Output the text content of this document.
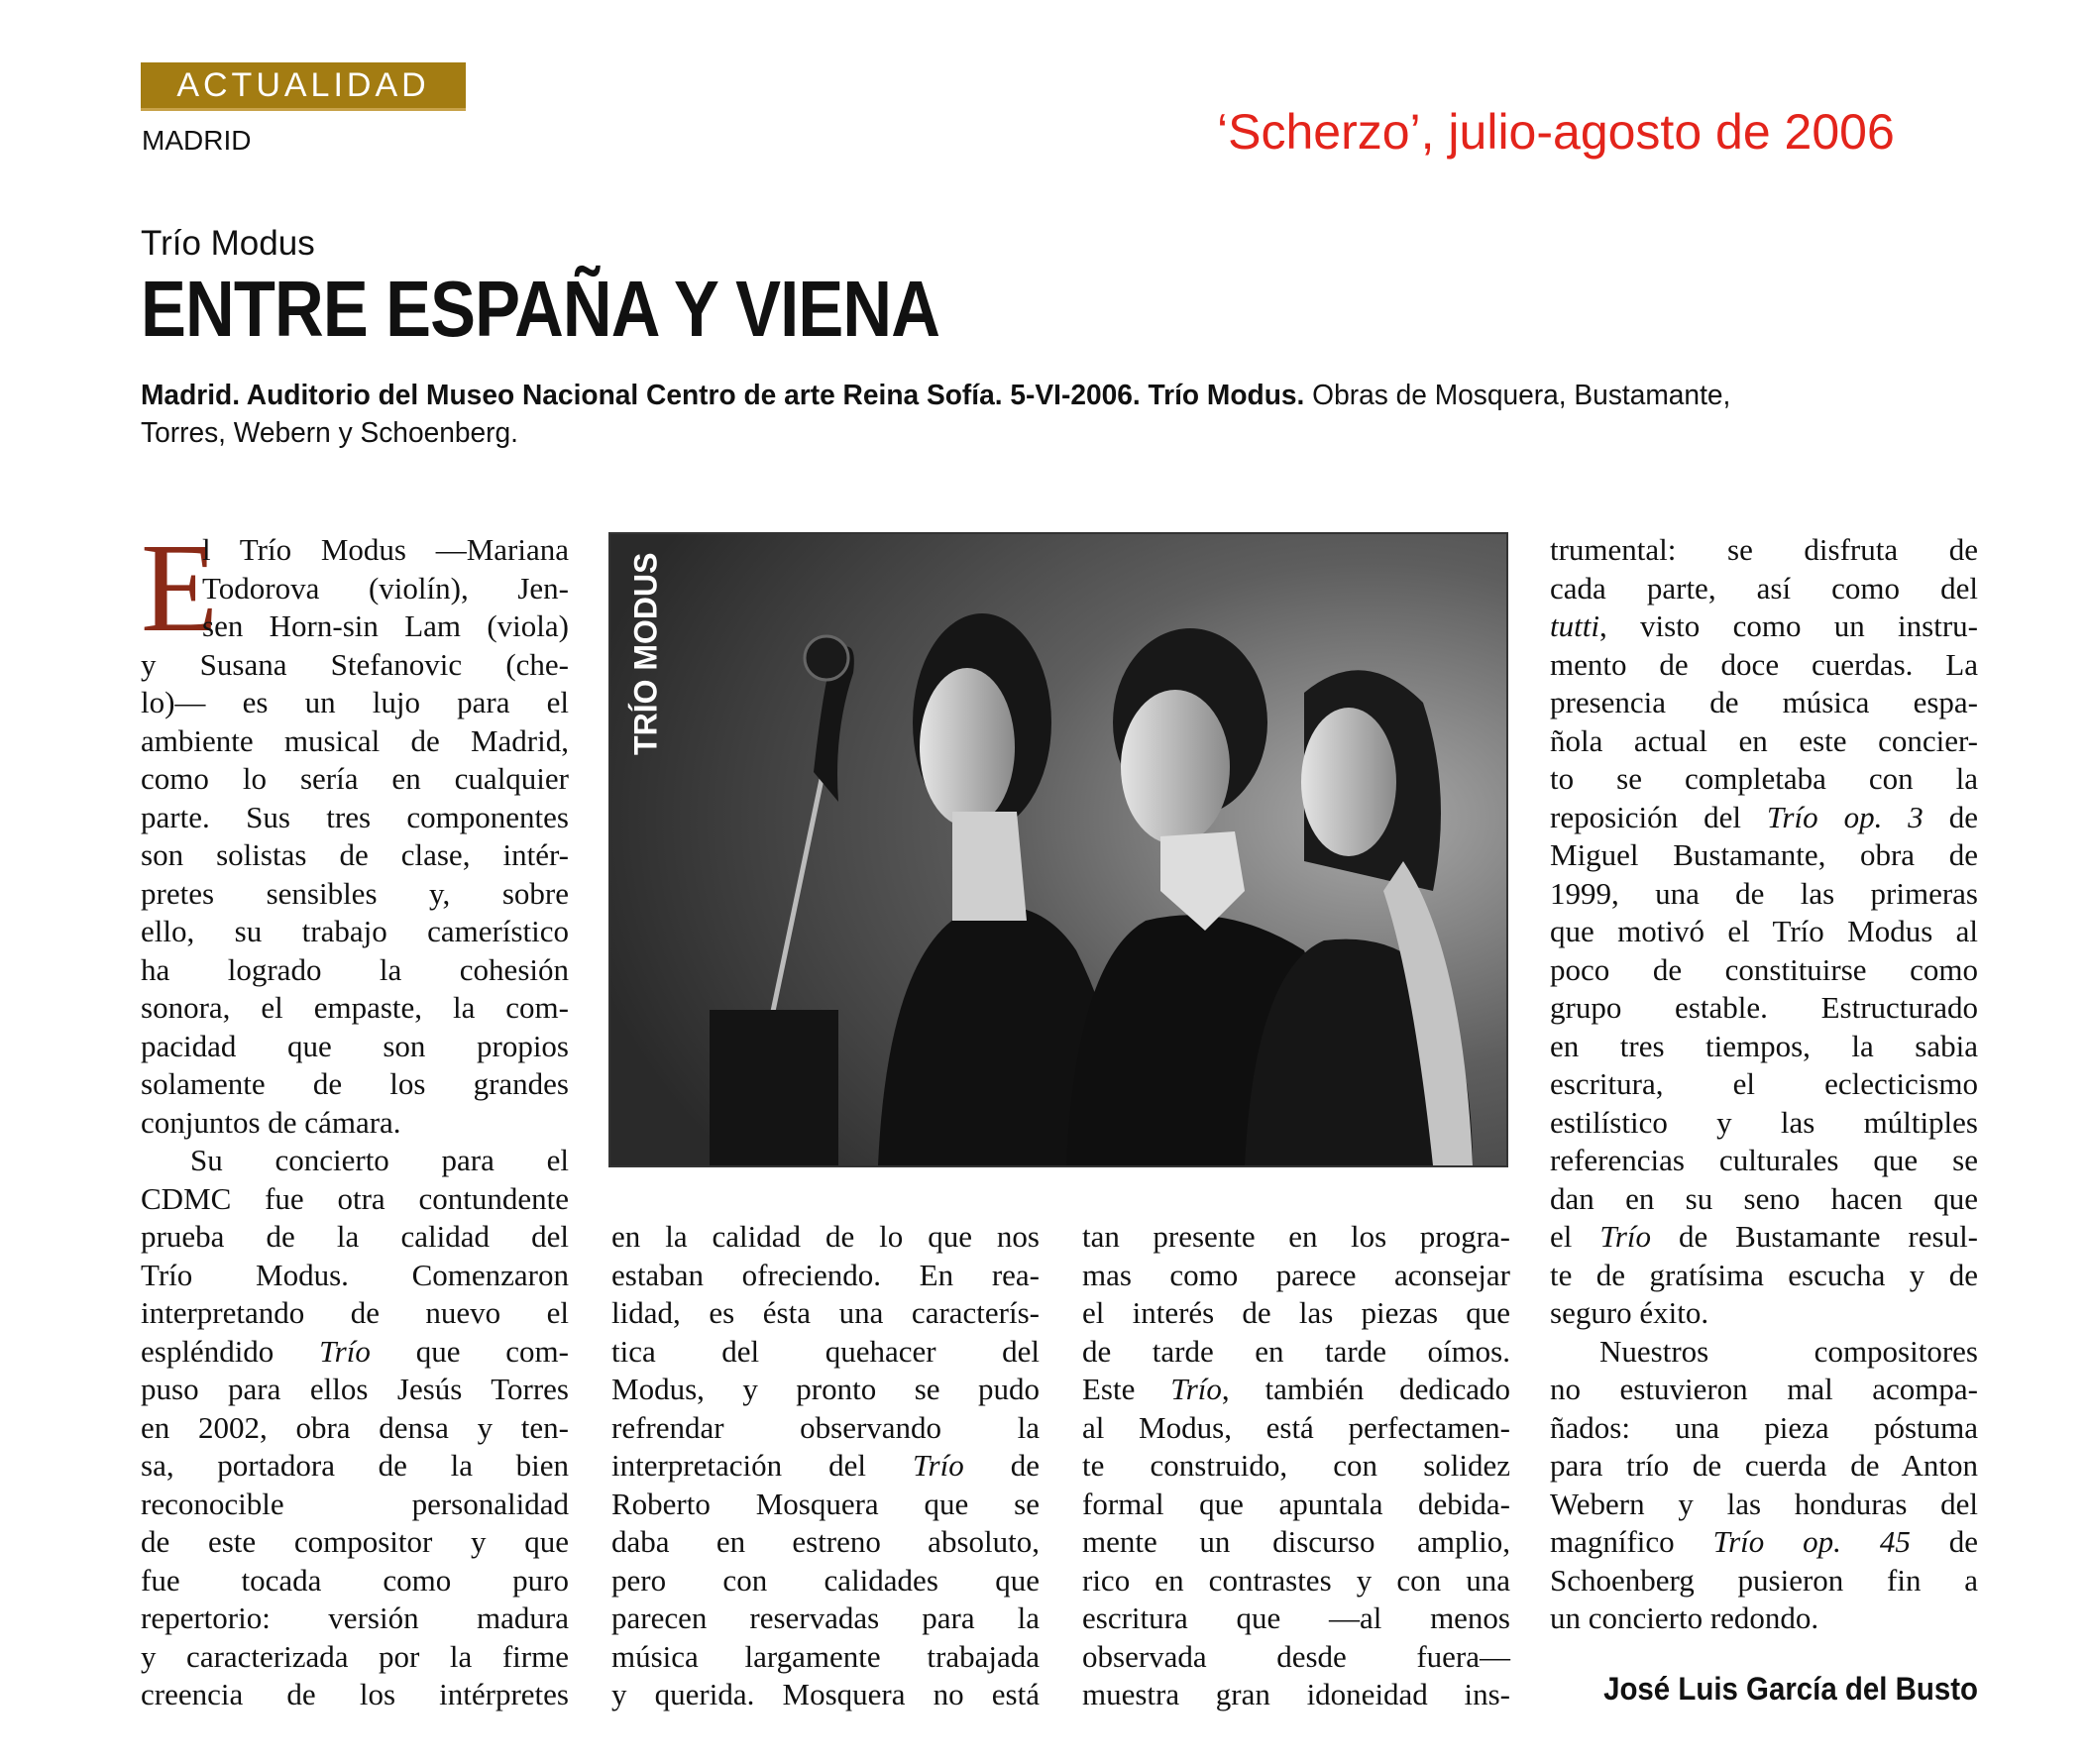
ACTUALIDAD
MADRID	‘Scherzo’, julio-agosto de 2006
Trío Modus
ENTRE ESPAÑA Y VIENA
Madrid. Auditorio del Museo Nacional Centro de arte Reina Sofía. 5-VI-2006. Trío Modus. Obras de Mosquera, Bustamante, Torres, Webern y Schoenberg.
E
l Trío Modus —Mariana
Todorova (violín), Jen-
sen Horn-sin Lam (viola)
y Susana Stefanovic (che-
lo)— es un lujo para el
ambiente musical de Madrid,
como lo sería en cualquier
parte. Sus tres componentes
son solistas de clase, intér-
pretes sensibles y, sobre
ello, su trabajo camerístico
ha logrado la cohesión
sonora, el empaste, la com-
pacidad que son propios
solamente de los grandes
conjuntos de cámara.
Su concierto para el
CDMC fue otra contundente
prueba de la calidad del
Trío Modus. Comenzaron
interpretando de nuevo el
espléndido Trío que com-
puso para ellos Jesús Torres
en 2002, obra densa y ten-
sa, portadora de la bien
reconocible personalidad
de este compositor y que
fue tocada como puro
repertorio: versión madura
y caracterizada por la firme
creencia de los intérpretes
en la calidad de lo que nos
estaban ofreciendo. En rea-
lidad, es ésta una caracterís-
tica del quehacer del
Modus, y pronto se pudo
refrendar observando la
interpretación del Trío de
Roberto Mosquera que se
daba en estreno absoluto,
pero con calidades que
parecen reservadas para la
música largamente trabajada
y querida. Mosquera no está
tan presente en los progra-
mas como parece aconsejar
el interés de las piezas que
de tarde en tarde oímos.
Este Trío, también dedicado
al Modus, está perfectamen-
te construido, con solidez
formal que apuntala debida-
mente un discurso amplio,
rico en contrastes y con una
escritura que —al menos
observada desde fuera—
muestra gran idoneidad ins-
trumental: se disfruta de
cada parte, así como del
tutti, visto como un instru-
mento de doce cuerdas. La
presencia de música espa-
ñola actual en este concier-
to se completaba con la
reposición del Trío op. 3 de
Miguel Bustamante, obra de
1999, una de las primeras
que motivó el Trío Modus al
poco de constituirse como
grupo estable. Estructurado
en tres tiempos, la sabia
escritura, el eclecticismo
estilístico y las múltiples
referencias culturales que se
dan en su seno hacen que
el Trío de Bustamante resul-
te de gratísima escucha y de
seguro éxito.
Nuestros compositores
no estuvieron mal acompa-
ñados: una pieza póstuma
para trío de cuerda de Anton
Webern y las honduras del
magnífico Trío op. 45 de
Schoenberg pusieron fin a
un concierto redondo.
José Luis García del Busto
TRÍO MODUS
